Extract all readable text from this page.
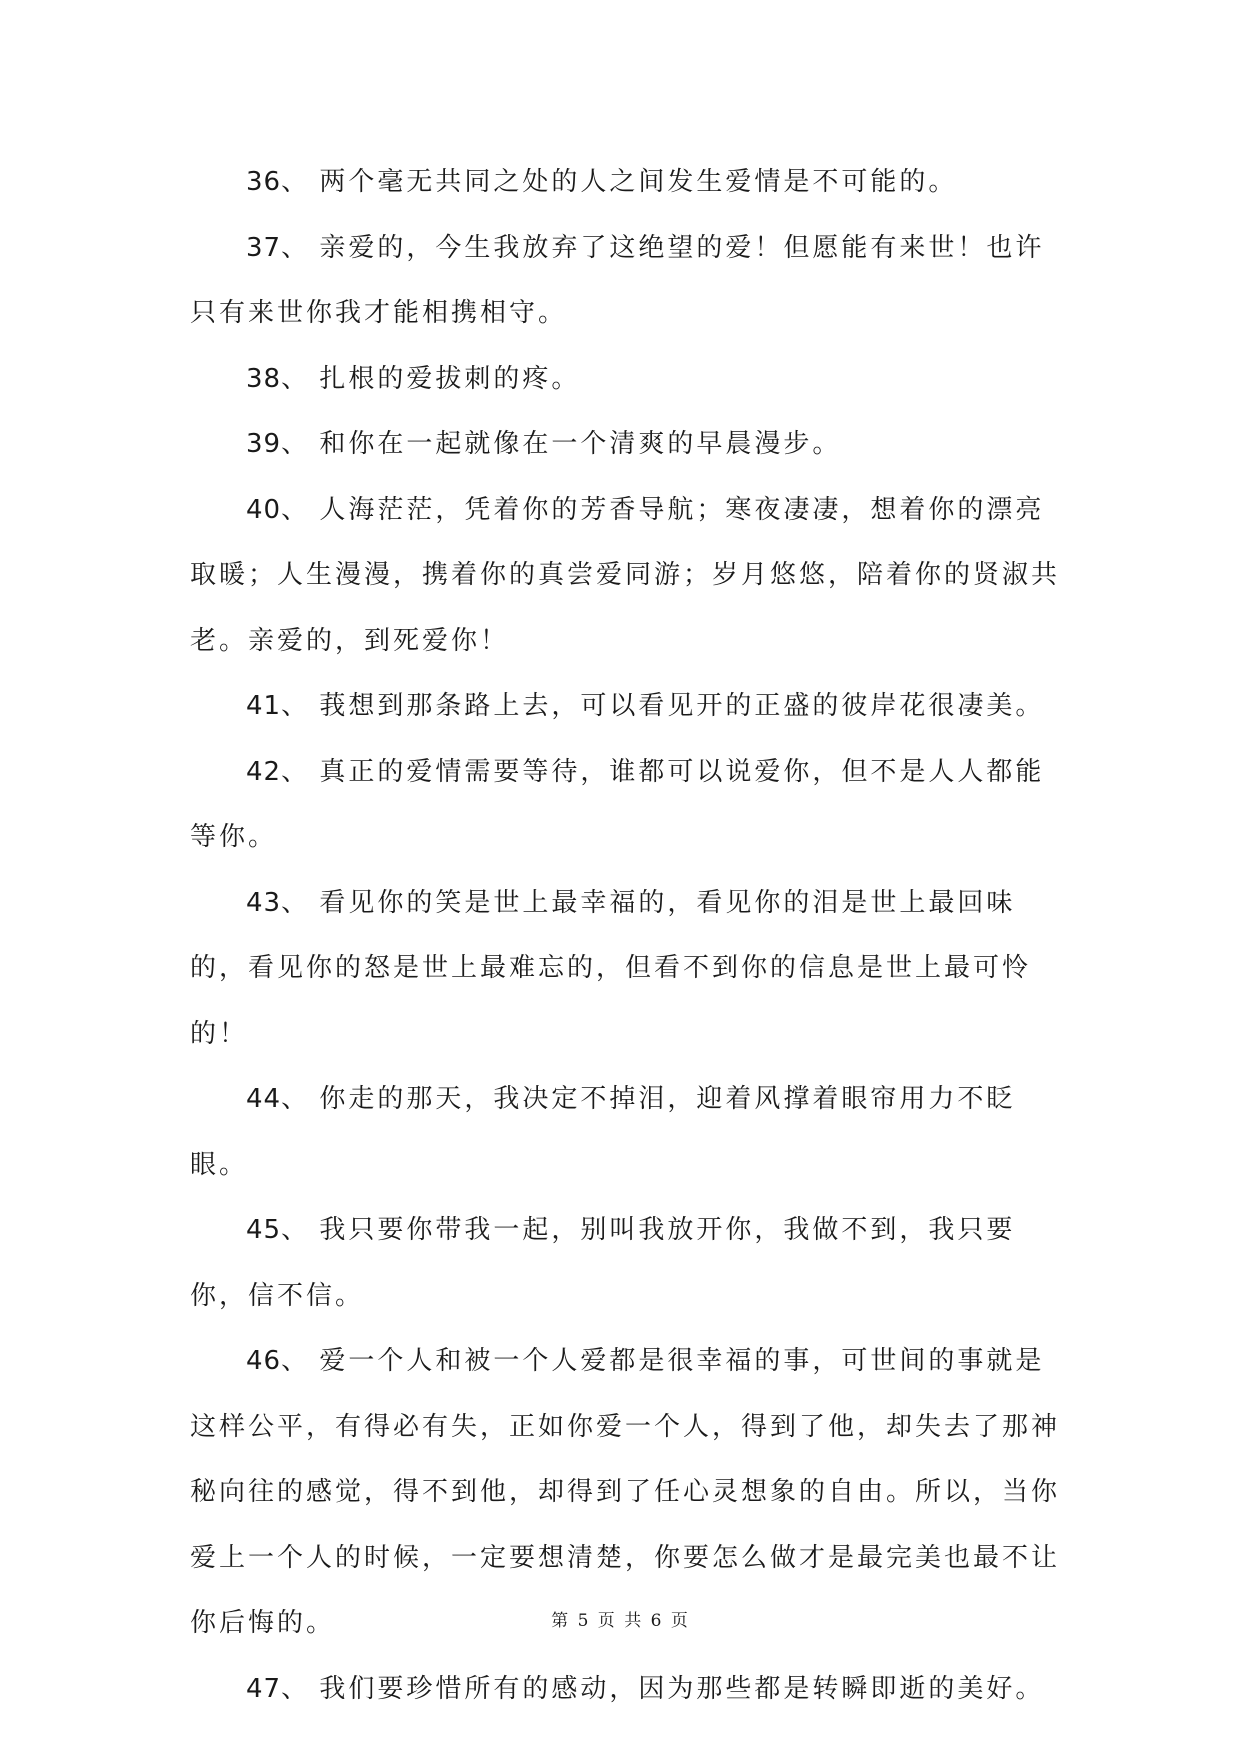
36、 两个毫无共同之处的人之间发生爱情是不可能的。

37、 亲爱的，今生我放弃了这绝望的爱！但愿能有来世！也许只有来世你我才能相携相守。

38、 扎根的爱拔刺的疼。

39、 和你在一起就像在一个清爽的早晨漫步。

40、 人海茫茫，凭着你的芳香导航；寒夜凄凄，想着你的漂亮取暖；人生漫漫，携着你的真尝爱同游；岁月悠悠，陪着你的贤淑共老。亲爱的，到死爱你！

41、 莪想到那条路上去，可以看见开的正盛的彼岸花很凄美。

42、 真正的爱情需要等待，谁都可以说爱你，但不是人人都能等你。

43、 看见你的笑是世上最幸福的，看见你的泪是世上最回味的，看见你的怒是世上最难忘的，但看不到你的信息是世上最可怜的！

44、 你走的那天，我决定不掉泪，迎着风撑着眼帘用力不眨眼。

45、 我只要你带我一起，别叫我放开你，我做不到，我只要你，信不信。

46、 爱一个人和被一个人爱都是很幸福的事，可世间的事就是这样公平，有得必有失，正如你爱一个人，得到了他，却失去了那神秘向往的感觉，得不到他，却得到了任心灵想象的自由。所以，当你爱上一个人的时候，一定要想清楚，你要怎么做才是最完美也最不让你后悔的。

47、 我们要珍惜所有的感动，因为那些都是转瞬即逝的美好。

第 5 页 共 6 页
